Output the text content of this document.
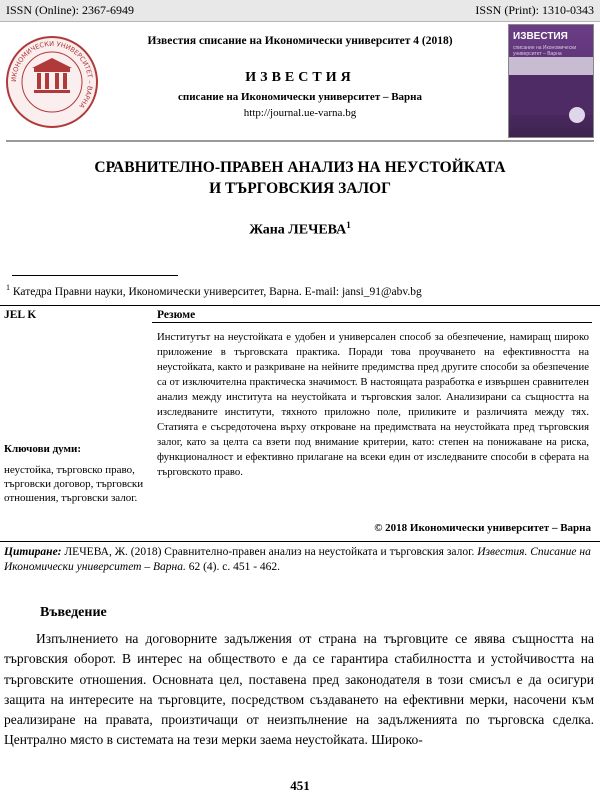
ISSN (Online): 2367-6949	ISSN (Print): 1310-0343
ИКОНОМИЧЕСКИ УНИВЕРСИТЕТ – ВАРНА
Известия списание на Икономически университет 4 (2018)
ИЗВЕСТИЯ
списание на Икономически университет – Варна
http://journal.ue-varna.bg
ИЗВЕСТИЯ
списание на Икономически университет – Варна
СРАВНИТЕЛНО-ПРАВЕН АНАЛИЗ НА НЕУСТОЙКАТА
И ТЪРГОВСКИЯ ЗАЛОГ
Жана ЛЕЧЕВА$^1$
$^1$ Катедра Правни науки, Икономически университет, Варна. E-mail: jansi_91@abv.bg
JEL K	Резюме
Институтът на неустойката е удобен и универсален способ за обезпечение, намиращ широко приложение в търговската практика. Поради това проучването на ефективността на неустойката, както и разкриване на нейните предимства пред другите способи за обезпечение са от изключителна практическа значимост. В настоящата разработка е извършен сравнителен анализ между института на неустойката и търговския залог. Анализирани са същността на изследваните институти, тяхното приложно поле, приликите и различията между тях. Статията е съсредоточена върху откроване на предимствата на неустойката пред търговския залог, като за целта са взети под внимание критерии, като: степен на понижаване на риска, функционалност и ефективно прилагане на всеки един от изследваните способи в сферата на търговското право.
Ключови думи:
неустойка, търговско право, търговски договор, търговски отношения, търговски залог.
© 2018 Икономически университет – Варна
Цитиране: ЛЕЧЕВА, Ж. (2018) Сравнително-правен анализ на неустойката и търговския залог. Известия. Списание на Икономически университет – Варна. 62 (4). с. 451 - 462.
Въведение
Изпълнението на договорните задължения от страна на търговците се явява същността на търговския оборот. В интерес на обществото е да се гарантира стабилността и устойчивостта на търговските отношения. Основната цел, поставена пред законодателя в този смисъл е да осигури защита на интересите на търговците, посредством създаването на ефективни мерки, насочени към реализиране на правата, произтичащи от неизпълнение на задълженията по търговска сделка. Централно място в системата на тези мерки заема неустойката. Широко-
451
